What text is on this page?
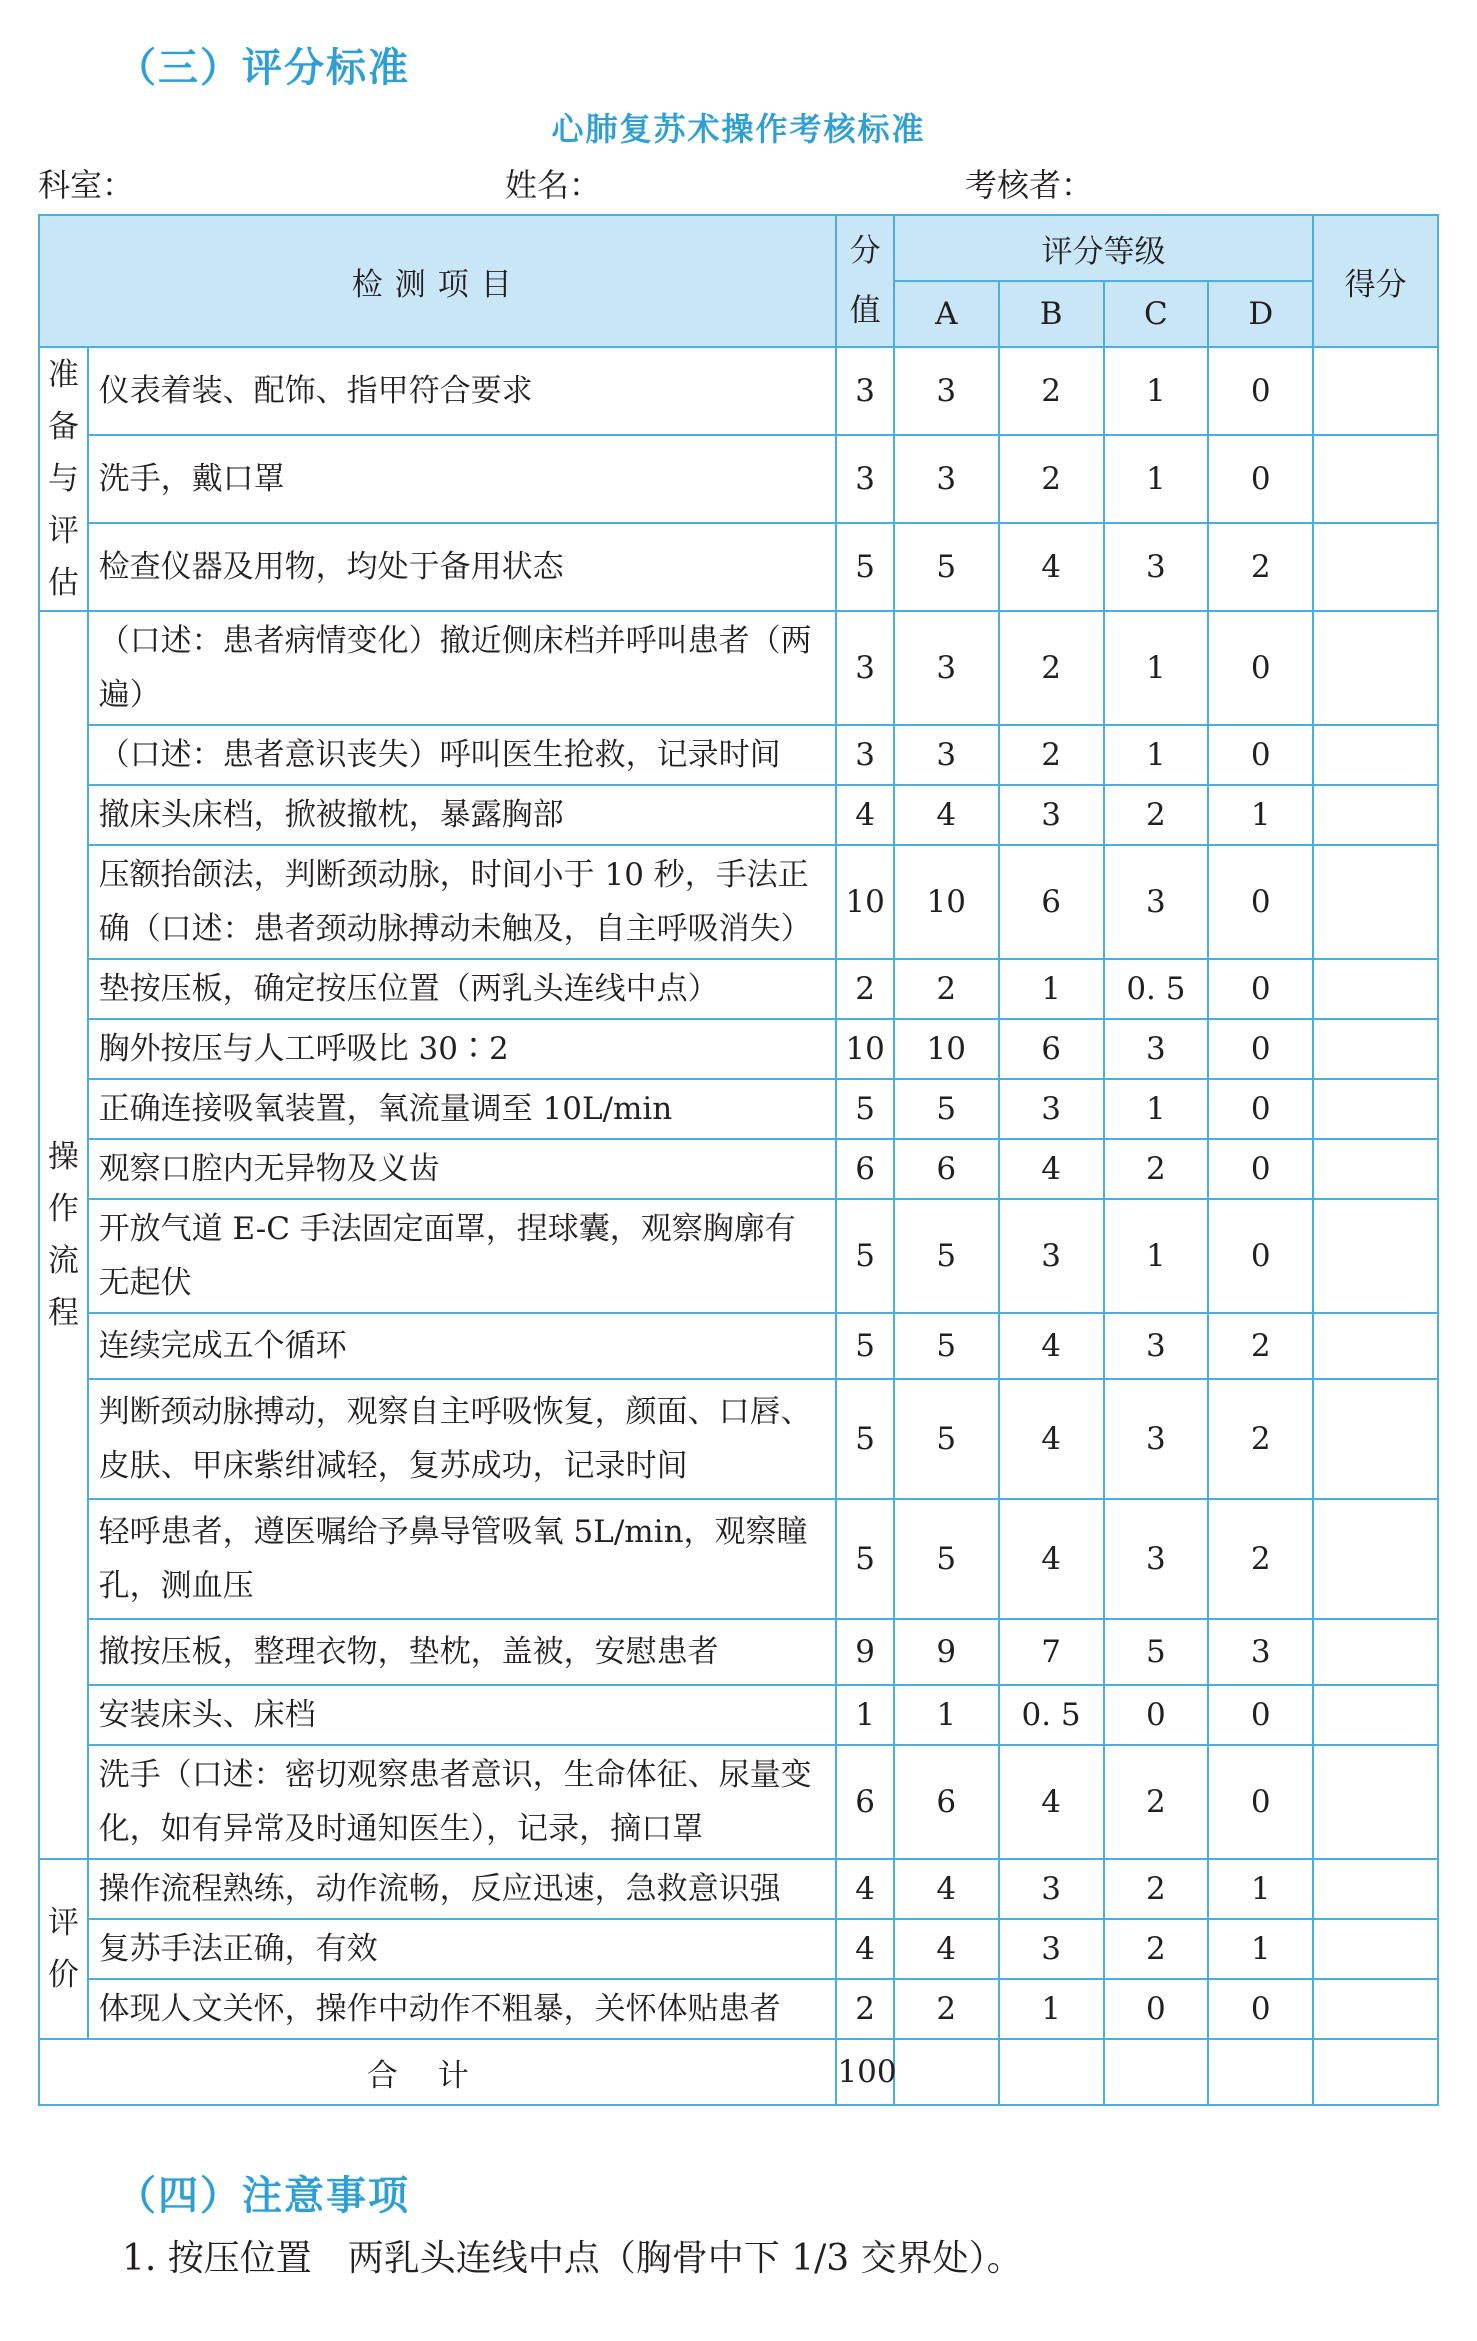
（三）评分标准
心肺复苏术操作考核标准
科室：	姓名：	考核者：
检测项目		分值	评分等级				得分
			A	B	C	D	
准备与评估	仪表着装、配饰、指甲符合要求	3	3	2	1	0	
	洗手，戴口罩	3	3	2	1	0	
	检查仪器及用物，均处于备用状态	5	5	4	3	2	
操作流程	（口述：患者病情变化）撤近侧床档并呼叫患者（两遍）	3	3	2	1	0	
	（口述：患者意识丧失）呼叫医生抢救，记录时间	3	3	2	1	0	
	撤床头床档，掀被撤枕，暴露胸部	4	4	3	2	1	
	压额抬颌法，判断颈动脉，时间小于 10 秒，手法正确（口述：患者颈动脉搏动未触及，自主呼吸消失）	10	10	6	3	0	
	垫按压板，确定按压位置（两乳头连线中点）	2	2	1	0. 5	0	
	胸外按压与人工呼吸比 30∶2	10	10	6	3	0	
	正确连接吸氧装置，氧流量调至 10L/min	5	5	3	1	0	
	观察口腔内无异物及义齿	6	6	4	2	0	
	开放气道 E-C 手法固定面罩，捏球囊，观察胸廓有无起伏	5	5	3	1	0	
	连续完成五个循环	5	5	4	3	2	
	判断颈动脉搏动，观察自主呼吸恢复，颜面、口唇、皮肤、甲床紫绀减轻，复苏成功，记录时间	5	5	4	3	2	
	轻呼患者，遵医嘱给予鼻导管吸氧 5L/min，观察瞳孔，测血压	5	5	4	3	2	
	撤按压板，整理衣物，垫枕，盖被，安慰患者	9	9	7	5	3	
	安装床头、床档	1	1	0. 5	0	0	
	洗手（口述：密切观察患者意识，生命体征、尿量变化，如有异常及时通知医生），记录，摘口罩	6	6	4	2	0	
评价	操作流程熟练，动作流畅，反应迅速，急救意识强	4	4	3	2	1	
	复苏手法正确，有效	4	4	3	2	1	
	体现人文关怀，操作中动作不粗暴，关怀体贴患者	2	2	1	0	0	
合计		100					
（四）注意事项

1. 按压位置　两乳头连线中点（胸骨中下 1/3 交界处）。
